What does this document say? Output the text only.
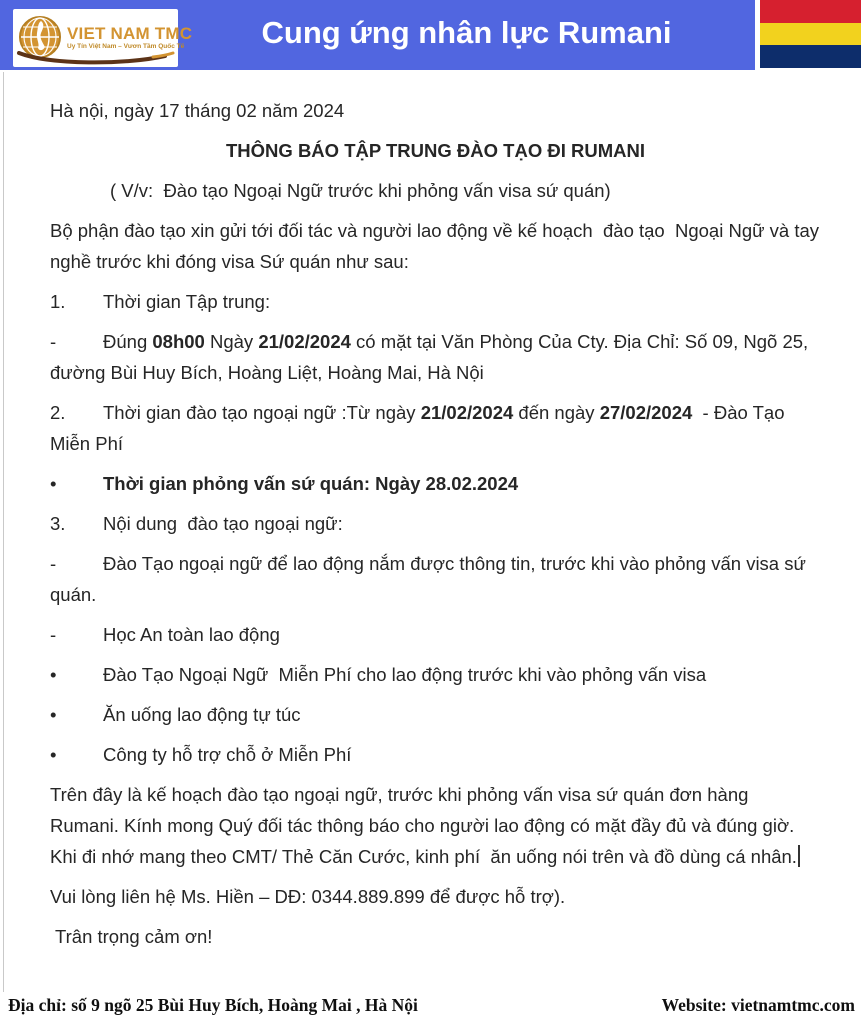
VIET NAM TMC
Uy Tín Việt Nam – Vươn Tầm Quốc Tế	Cung ứng nhân lực Rumani

Hà nội, ngày 17 tháng 02 năm 2024

THÔNG BÁO TẬP TRUNG ĐÀO TẠO ĐI RUMANI

( V/v:  Đào tạo Ngoại Ngữ trước khi phỏng vấn visa sứ quán)

Bộ phận đào tạo xin gửi tới đối tác và người lao động về kế hoạch  đào tạo  Ngoại Ngữ và tay nghề trước khi đóng visa Sứ quán như sau:

1. Thời gian Tập trung:

-	Đúng 08h00 Ngày 21/02/2024 có mặt tại Văn Phòng Của Cty. Địa Chỉ: Số 09, Ngõ 25, đường Bùi Huy Bích, Hoàng Liệt, Hoàng Mai, Hà Nội

2. Thời gian đào tạo ngoại ngữ :Từ ngày 21/02/2024 đến ngày 27/02/2024  - Đào Tạo Miễn Phí

•	Thời gian phỏng vấn sứ quán: Ngày 28.02.2024

3. Nội dung  đào tạo ngoại ngữ:

-	Đào Tạo ngoại ngữ để lao động nắm được thông tin, trước khi vào phỏng vấn visa sứ quán.

-	Học An toàn lao động

•	Đào Tạo Ngoại Ngữ  Miễn Phí cho lao động trước khi vào phỏng vấn visa

•	Ăn uống lao động tự túc

•	Công ty hỗ trợ chỗ ở Miễn Phí

Trên đây là kế hoạch đào tạo ngoại ngữ, trước khi phỏng vấn visa sứ quán đơn hàng Rumani. Kính mong Quý đối tác thông báo cho người lao động có mặt đầy đủ và đúng giờ. Khi đi nhớ mang theo CMT/ Thẻ Căn Cước, kinh phí  ăn uống nói trên và đồ dùng cá nhân.

Vui lòng liên hệ Ms. Hiền – DĐ: 0344.889.899 để được hỗ trợ).

Trân trọng cảm ơn!

Địa chỉ: số 9 ngõ 25 Bùi Huy Bích, Hoàng Mai , Hà Nội	Website: vietnamtmc.com
